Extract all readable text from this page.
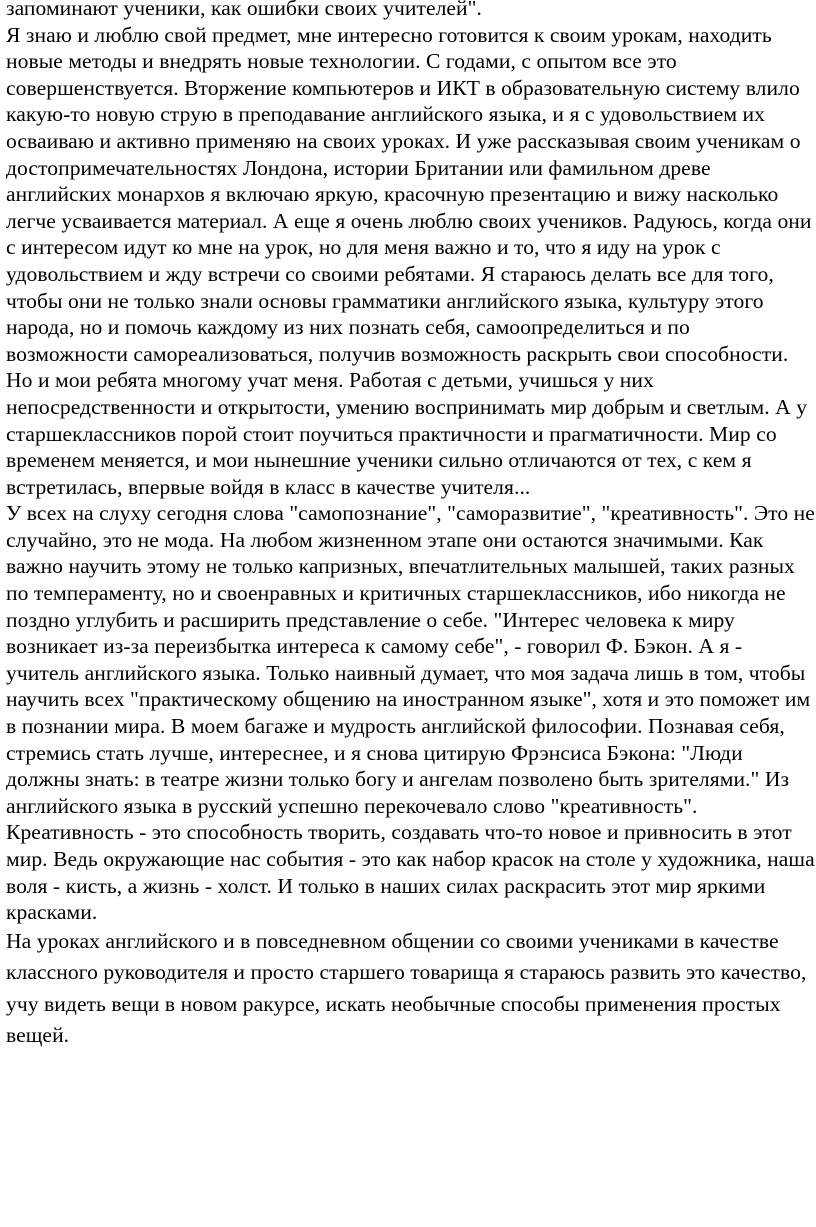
запоминают ученики, как ошибки своих учителей".

Я знаю и люблю свой предмет, мне интересно готовится к своим урокам, находить новые методы и внедрять новые технологии. С годами, с опытом все это совершенствуется. Вторжение компьютеров и ИКТ в образовательную систему влило какую-то новую струю в преподавание английского языка, и я с удовольствием их осваиваю и активно применяю на своих уроках. И уже рассказывая своим ученикам о достопримечательностях Лондона, истории Британии или фамильном древе английских монархов я включаю яркую, красочную презентацию и вижу насколько легче усваивается материал. А еще я очень люблю своих учеников. Радуюсь, когда они с интересом идут ко мне на урок, но для меня важно и то, что я иду на урок с удовольствием и жду встречи со своими ребятами. Я стараюсь делать все для того, чтобы они не только знали основы грамматики английского языка, культуру этого народа, но и помочь каждому из них познать себя, самоопределиться и по возможности самореализоваться, получив возможность раскрыть свои способности. Но и мои ребята многому учат меня. Работая с детьми, учишься у них непосредственности и открытости, умению воспринимать мир добрым и светлым. А у старшеклассников порой стоит поучиться практичности и прагматичности. Мир со временем меняется, и мои нынешние ученики сильно отличаются от тех, с кем я встретилась, впервые войдя в класс в качестве учителя...

У всех на слуху сегодня слова "самопознание", "саморазвитие", "креативность". Это не случайно, это не мода. На любом жизненном этапе они остаются значимыми. Как важно научить этому не только капризных, впечатлительных малышей, таких разных по темпераменту, но и своенравных и критичных старшеклассников, ибо никогда не поздно углубить и расширить представление о себе. "Интерес человека к миру возникает из-за переизбытка интереса к самому себе", - говорил Ф. Бэкон. А я - учитель английского языка. Только наивный думает, что моя задача лишь в том, чтобы научить всех "практическому общению на иностранном языке", хотя и это поможет им в познании мира. В моем багаже и мудрость английской философии. Познавая себя, стремись стать лучше, интереснее, и я снова цитирую Фрэнсиса Бэкона: "Люди должны знать: в театре жизни только богу и ангелам позволено быть зрителями." Из английского языка в русский успешно перекочевало слово "креативность". Креативность - это способность творить, создавать что-то новое и привносить в этот мир. Ведь окружающие нас события - это как набор красок на столе у художника, наша воля - кисть, а жизнь - холст. И только в наших силах раскрасить этот мир яркими красками.

На уроках английского и в повседневном общении со своими учениками в качестве классного руководителя и просто старшего товарища я стараюсь развить это качество, учу видеть вещи в новом ракурсе, искать необычные способы применения простых вещей.
